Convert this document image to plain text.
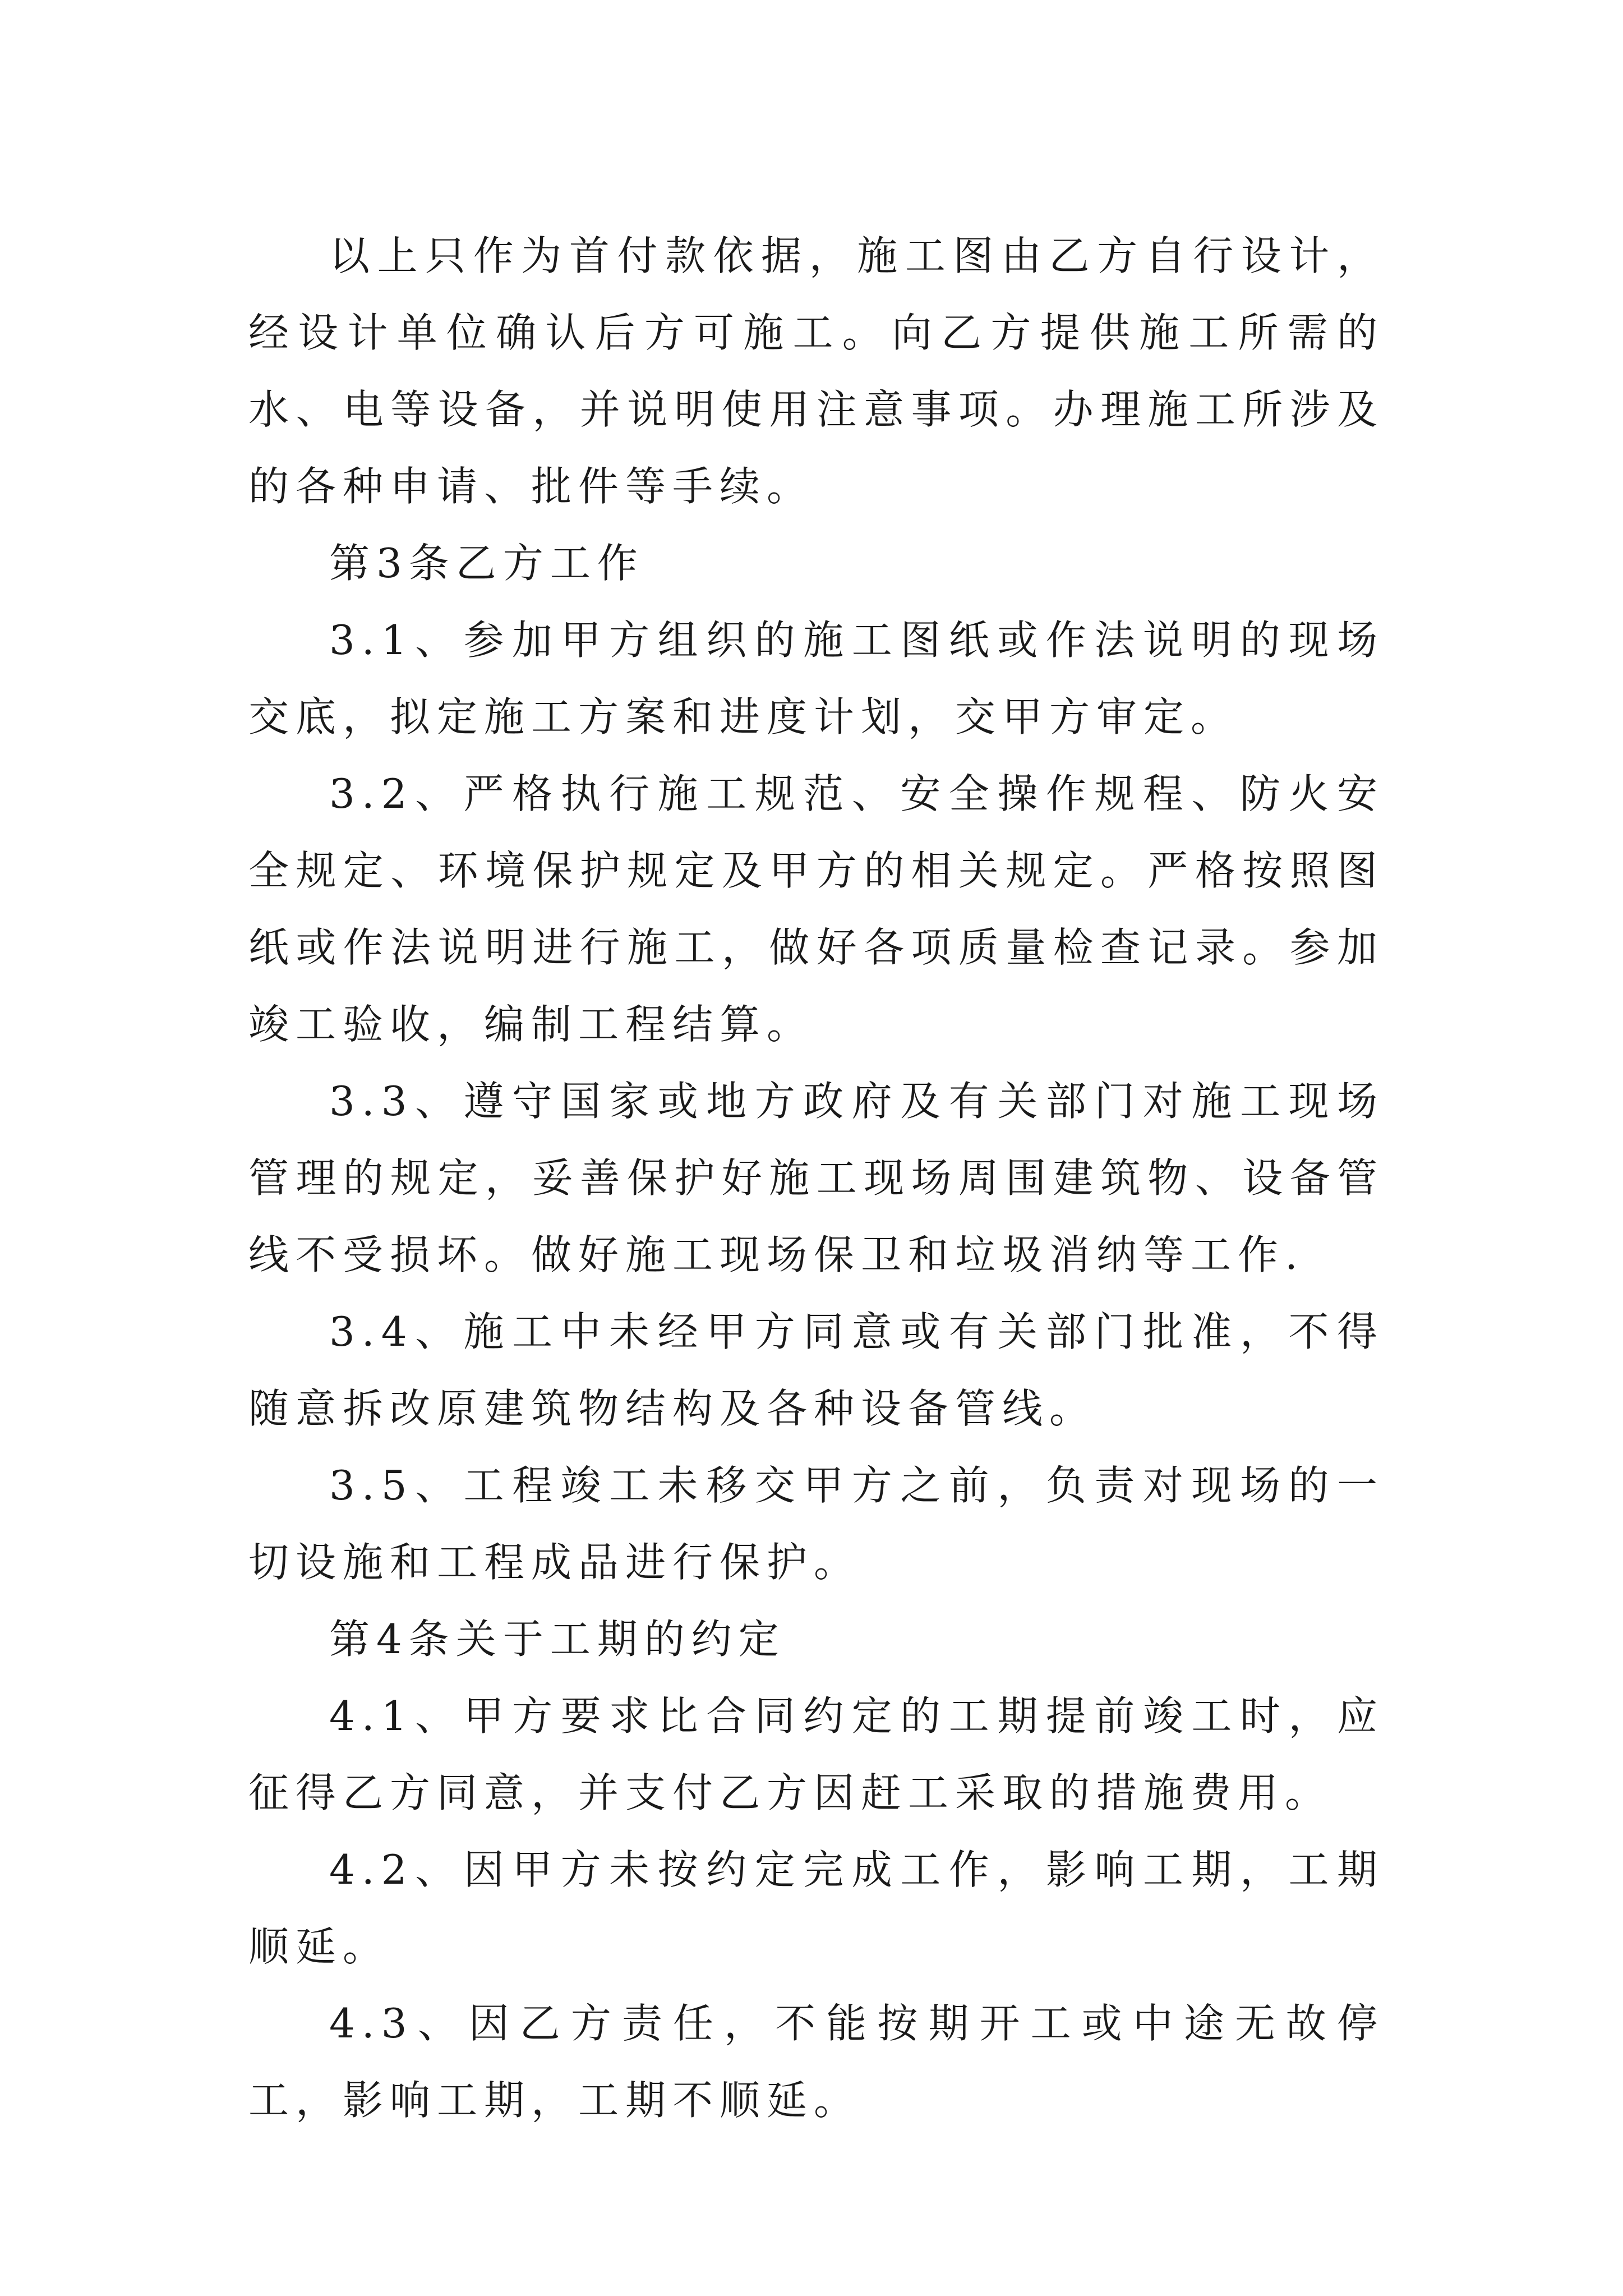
以上只作为首付款依据，施工图由乙方自行设计，经设计单位确认后方可施工。向乙方提供施工所需的水、电等设备，并说明使用注意事项。办理施工所涉及的各种申请、批件等手续。

第3条乙方工作

3.1、参加甲方组织的施工图纸或作法说明的现场交底，拟定施工方案和进度计划，交甲方审定。

3.2、严格执行施工规范、安全操作规程、防火安全规定、环境保护规定及甲方的相关规定。严格按照图纸或作法说明进行施工，做好各项质量检查记录。参加竣工验收，编制工程结算。

3.3、遵守国家或地方政府及有关部门对施工现场管理的规定，妥善保护好施工现场周围建筑物、设备管线不受损坏。做好施工现场保卫和垃圾消纳等工作.

3.4、施工中未经甲方同意或有关部门批准，不得随意拆改原建筑物结构及各种设备管线。

3.5、工程竣工未移交甲方之前，负责对现场的一切设施和工程成品进行保护。

第4条关于工期的约定

4.1、甲方要求比合同约定的工期提前竣工时，应征得乙方同意，并支付乙方因赶工采取的措施费用。

4.2、因甲方未按约定完成工作，影响工期，工期顺延。

4.3、因乙方责任，不能按期开工或中途无故停工，影响工期，工期不顺延。
